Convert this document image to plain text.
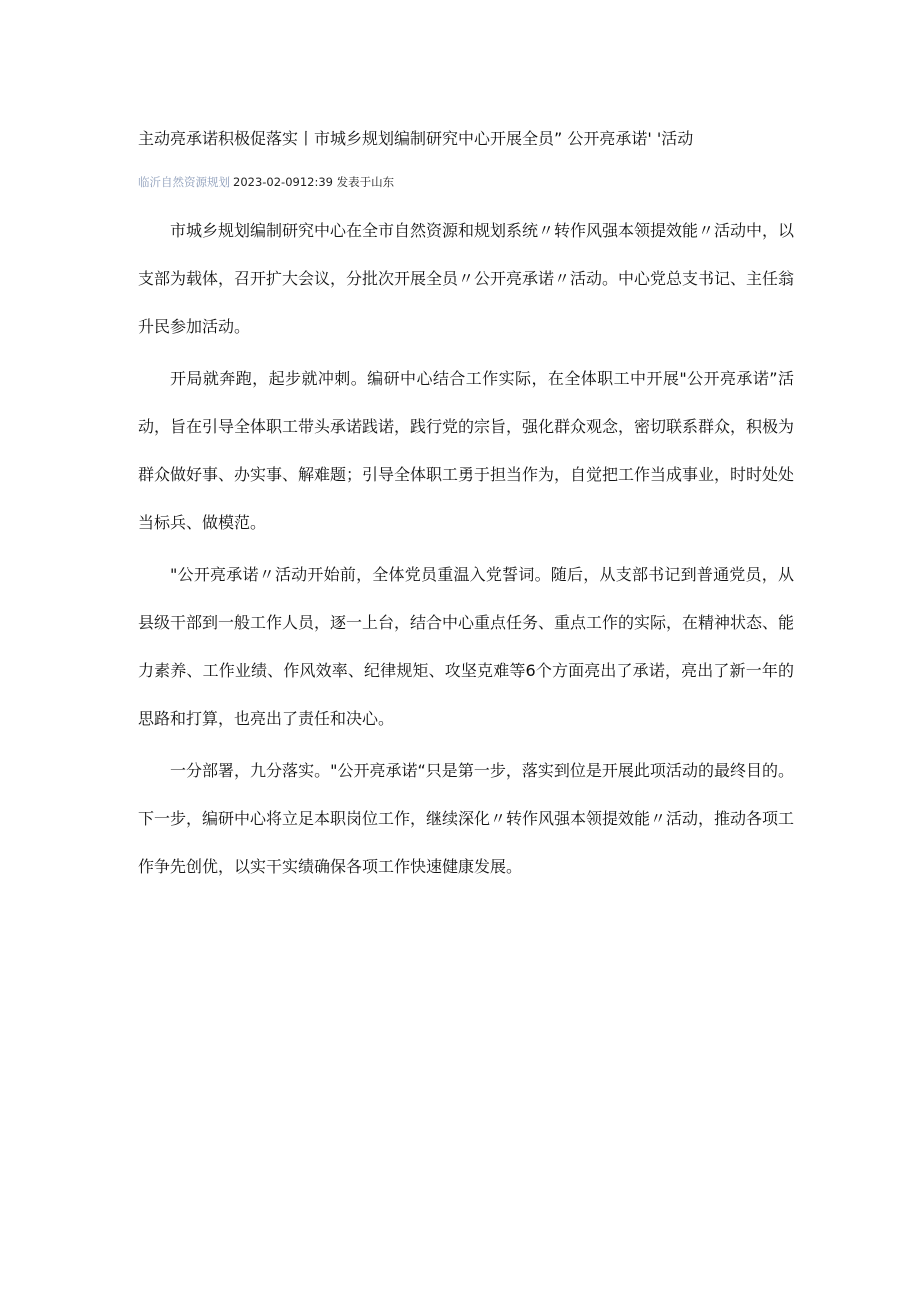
主动亮承诺积极促落实丨市城乡规划编制研究中心开展全员” 公开亮承诺' '活动
临沂自然资源规划 2023-02-0912:39 发表于山东

市城乡规划编制研究中心在全市自然资源和规划系统〃转作风强本领提效能〃活动中，以支部为载体，召开扩大会议，分批次开展全员〃公开亮承诺〃活动。中心党总支书记、主任翁升民参加活动。

开局就奔跑，起步就冲刺。编研中心结合工作实际，在全体职工中开展"公开亮承诺”活动，旨在引导全体职工带头承诺践诺，践行党的宗旨，强化群众观念，密切联系群众，积极为群众做好事、办实事、解难题；引导全体职工勇于担当作为，自觉把工作当成事业，时时处处当标兵、做模范。

"公开亮承诺〃活动开始前，全体党员重温入党誓词。随后，从支部书记到普通党员，从县级干部到一般工作人员，逐一上台，结合中心重点任务、重点工作的实际，在精神状态、能力素养、工作业绩、作风效率、纪律规矩、攻坚克难等6个方面亮出了承诺，亮出了新一年的思路和打算，也亮出了责任和决心。

一分部署，九分落实。"公开亮承诺“只是第一步，落实到位是开展此项活动的最终目的。下一步，编研中心将立足本职岗位工作，继续深化〃转作风强本领提效能〃活动，推动各项工作争先创优，以实干实绩确保各项工作快速健康发展。
